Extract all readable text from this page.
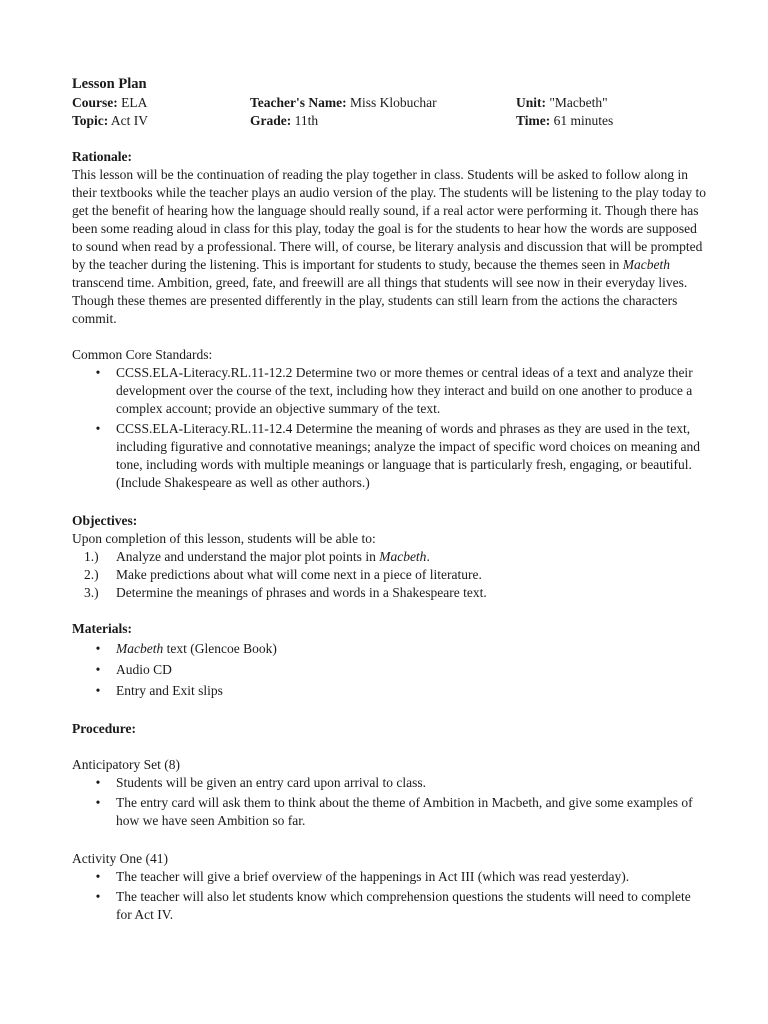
Lesson Plan
Course: ELA	Teacher's Name: Miss Klobuchar	Unit: "Macbeth"
Topic: Act IV	Grade: 11th	Time: 61 minutes

Rationale:

This lesson will be the continuation of reading the play together in class. Students will be asked to follow along in their textbooks while the teacher plays an audio version of the play. The students will be listening to the play today to get the benefit of hearing how the language should really sound, if a real actor were performing it. Though there has been some reading aloud in class for this play, today the goal is for the students to hear how the words are supposed to sound when read by a professional. There will, of course, be literary analysis and discussion that will be prompted by the teacher during the listening. This is important for students to study, because the themes seen in Macbeth transcend time. Ambition, greed, fate, and freewill are all things that students will see now in their everyday lives. Though these themes are presented differently in the play, students can still learn from the actions the characters commit.

Common Core Standards:

• CCSS.ELA-Literacy.RL.11-12.2 Determine two or more themes or central ideas of a text and analyze their development over the course of the text, including how they interact and build on one another to produce a complex account; provide an objective summary of the text.
• CCSS.ELA-Literacy.RL.11-12.4 Determine the meaning of words and phrases as they are used in the text, including figurative and connotative meanings; analyze the impact of specific word choices on meaning and tone, including words with multiple meanings or language that is particularly fresh, engaging, or beautiful. (Include Shakespeare as well as other authors.)

Objectives:

Upon completion of this lesson, students will be able to:

1.) Analyze and understand the major plot points in Macbeth.
2.) Make predictions about what will come next in a piece of literature.
3.) Determine the meanings of phrases and words in a Shakespeare text.

Materials:

• Macbeth text (Glencoe Book)
• Audio CD
• Entry and Exit slips

Procedure:

Anticipatory Set (8)

• Students will be given an entry card upon arrival to class.
• The entry card will ask them to think about the theme of Ambition in Macbeth, and give some examples of how we have seen Ambition so far.

Activity One (41)

• The teacher will give a brief overview of the happenings in Act III (which was read yesterday).
• The teacher will also let students know which comprehension questions the students will need to complete for Act IV.
